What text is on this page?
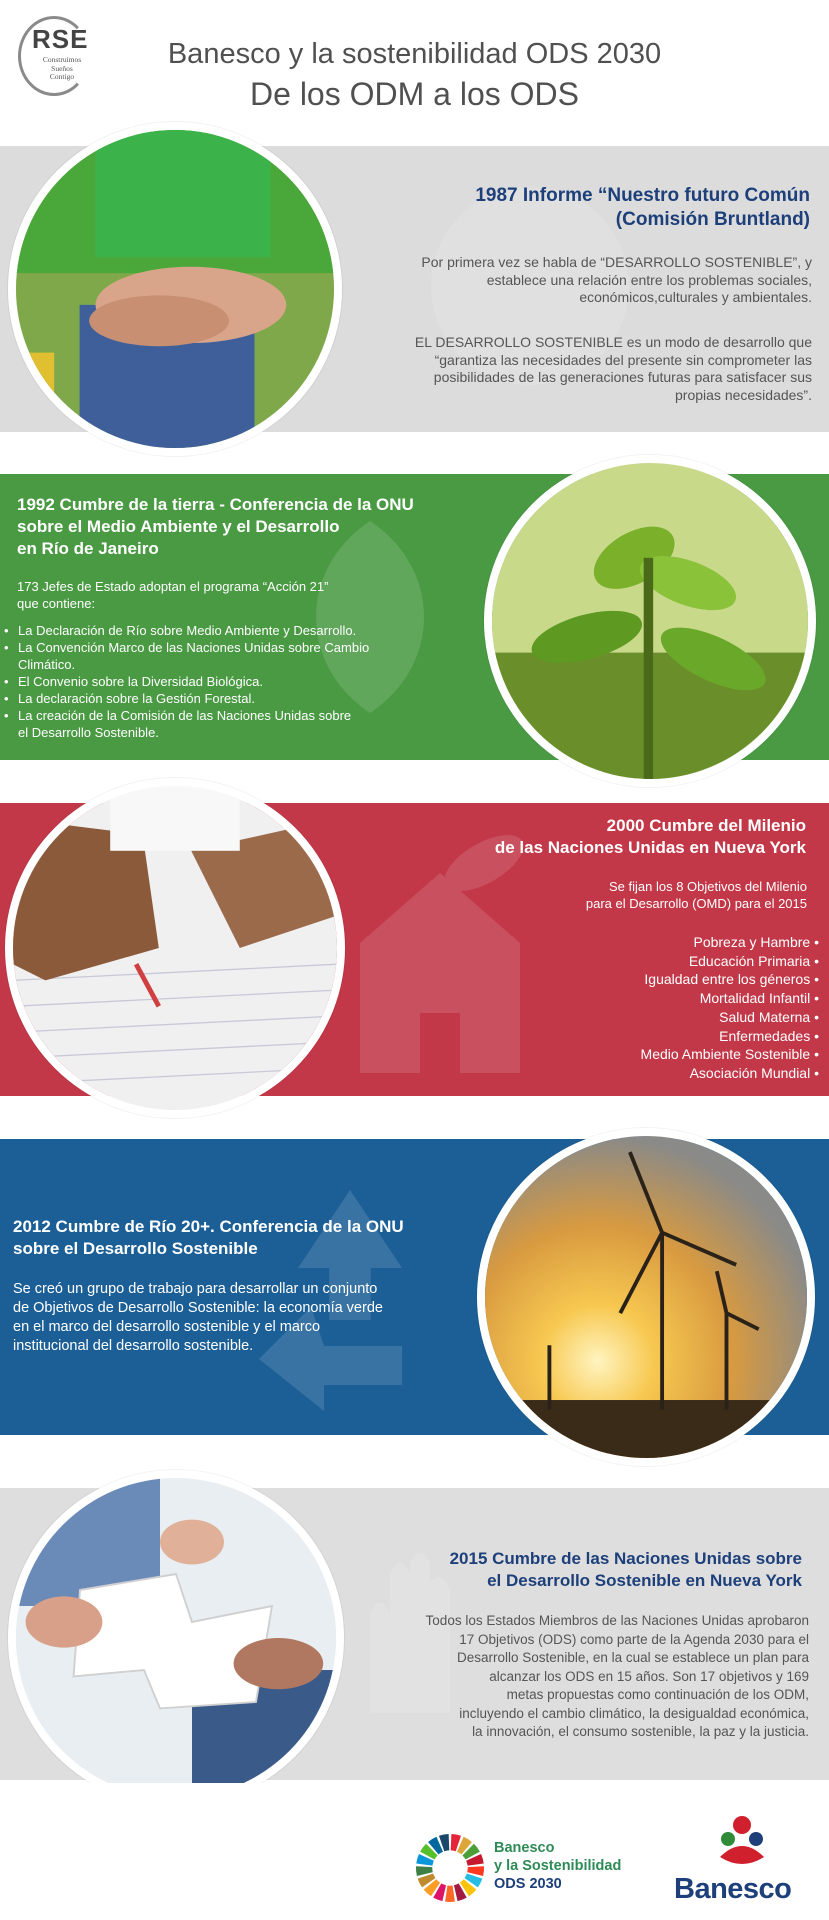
RSE
Construimos
Sueños
Contigo
Banesco y la sostenibilidad ODS 2030
De los ODM a los ODS
1987 Informe “Nuestro futuro Común
(Comisión Bruntland)
Por primera vez se habla de “DESARROLLO SOSTENIBLE”, y
establece una relación entre los problemas sociales,
económicos,culturales y ambientales.
EL DESARROLLO SOSTENIBLE es un modo de desarrollo que
“garantiza las necesidades del presente sin comprometer las
posibilidades de las generaciones futuras para satisfacer sus
propias necesidades”.
1992 Cumbre de la tierra - Conferencia de la ONU
sobre el Medio Ambiente y el Desarrollo
en Río de Janeiro
173 Jefes de Estado adoptan el programa “Acción 21”
que contiene:
• La Declaración de Río sobre Medio Ambiente y Desarrollo.
• La Convención Marco de las Naciones Unidas sobre Cambio
Climático.
• El Convenio sobre la Diversidad Biológica.
• La declaración sobre la Gestión Forestal.
• La creación de la Comisión de las Naciones Unidas sobre
el Desarrollo Sostenible.
2000 Cumbre del Milenio
de las Naciones Unidas en Nueva York
Se fijan los 8 Objetivos del Milenio
para el Desarrollo (OMD) para el 2015
Pobreza y Hambre •
Educación Primaria •
Igualdad entre los géneros •
Mortalidad Infantil •
Salud Materna •
Enfermedades •
Medio Ambiente Sostenible •
Asociación Mundial •
2012 Cumbre de Río 20+. Conferencia de la ONU
sobre el Desarrollo Sostenible
Se creó un grupo de trabajo para desarrollar un conjunto
de Objetivos de Desarrollo Sostenible: la economía verde
en el marco del desarrollo sostenible y el marco
institucional del desarrollo sostenible.
2015 Cumbre de las Naciones Unidas sobre
el Desarrollo Sostenible en Nueva York
Todos los Estados Miembros de las Naciones Unidas aprobaron
17 Objetivos (ODS) como parte de la Agenda 2030 para el
Desarrollo Sostenible, en la cual se establece un plan para
alcanzar los ODS en 15 años. Son 17 objetivos y 169
metas propuestas como continuación de los ODM,
incluyendo el cambio climático, la desigualdad económica,
la innovación, el consumo sostenible, la paz y la justicia.
Banesco
y la Sostenibilidad
ODS 2030	Banesco
